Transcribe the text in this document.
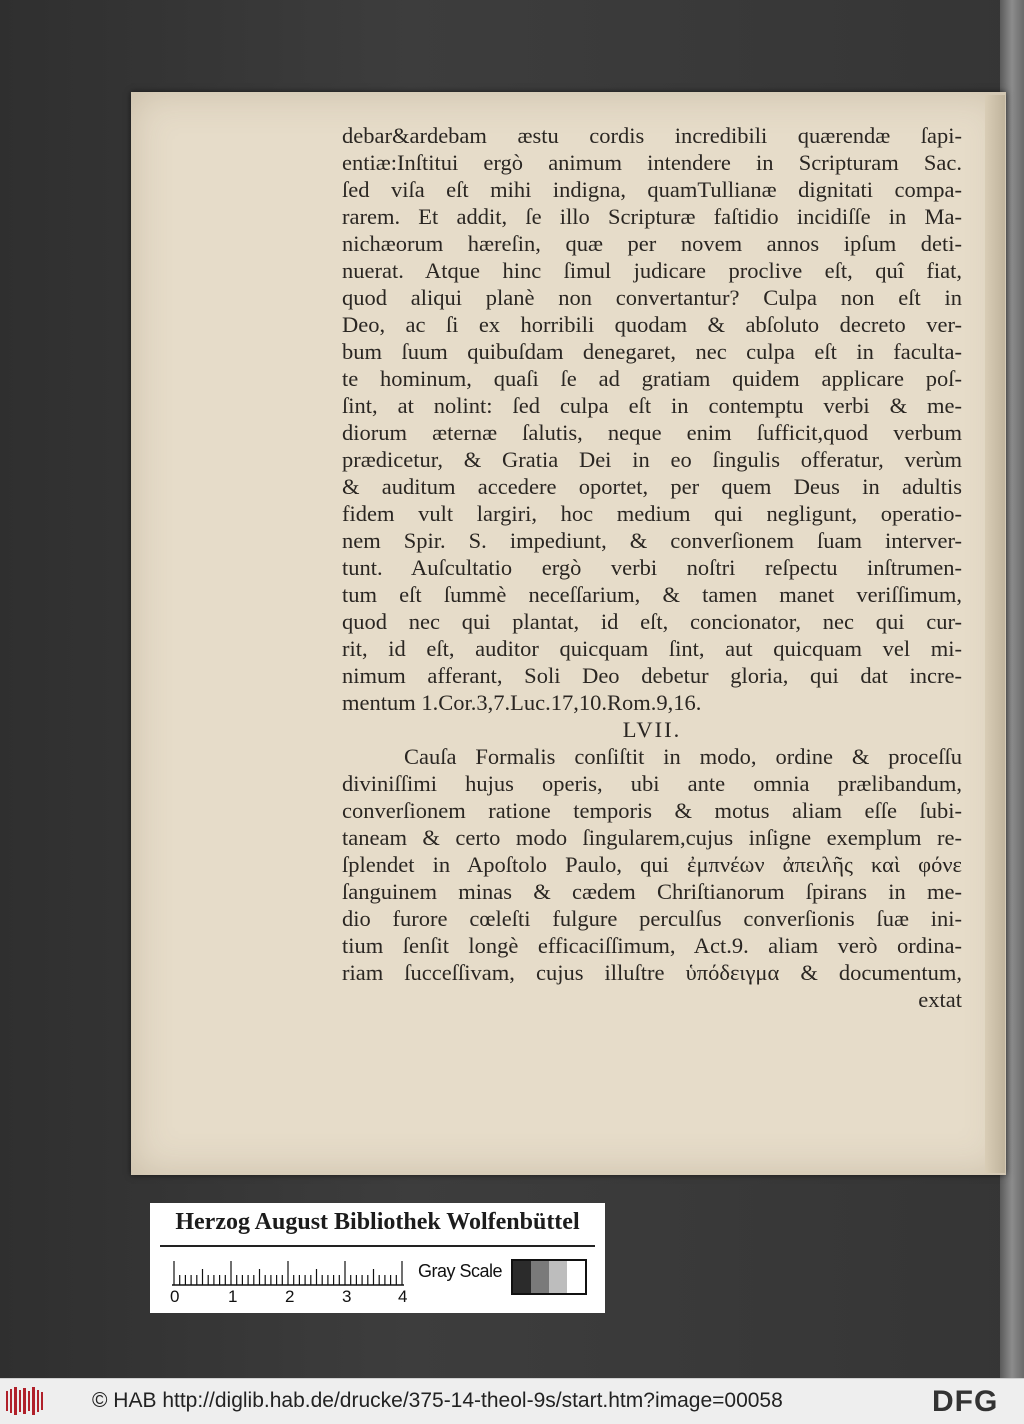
debar&ardebam æstu cordis incredibili quærendæ ſapi-
entiæ:Inſtitui ergò animum intendere in Scripturam Sac.
ſed viſa eſt mihi indigna, quamTullianæ dignitati compa-
rarem. Et addit, ſe illo Scripturæ faſtidio incidiſſe in Ma-
nichæorum hæreſin, quæ per novem annos ipſum deti-
nuerat. Atque hinc ſimul judicare proclive eſt, quî fiat,
quod aliqui planè non convertantur? Culpa non eſt in
Deo, ac ſi ex horribili quodam & abſoluto decreto ver-
bum ſuum quibuſdam denegaret, nec culpa eſt in faculta-
te hominum, quaſi ſe ad gratiam quidem applicare poſ-
ſint, at nolint: ſed culpa eſt in contemptu verbi & me-
diorum æternæ ſalutis, neque enim ſufficit,quod verbum
prædicetur, & Gratia Dei in eo ſingulis offeratur, verùm
& auditum accedere oportet, per quem Deus in adultis
fidem vult largiri, hoc medium qui negligunt, operatio-
nem Spir. S. impediunt, & converſionem ſuam interver-
tunt. Auſcultatio ergò verbi noſtri reſpectu inſtrumen-
tum eſt ſummè neceſſarium, & tamen manet veriſſimum,
quod nec qui plantat, id eſt, concionator, nec qui cur-
rit, id eſt, auditor quicquam ſint, aut quicquam vel mi-
nimum afferant, Soli Deo debetur gloria, qui dat incre-
mentum 1.Cor.3,7.Luc.17,10.Rom.9,16.
LVII.
Cauſa Formalis conſiſtit in modo, ordine & proceſſu
diviniſſimi hujus operis, ubi ante omnia prælibandum,
converſionem ratione temporis & motus aliam eſſe ſubi-
taneam & certo modo ſingularem,cujus inſigne exemplum re-
ſplendet in Apoſtolo Paulo, qui ἐμπνέων ἀπειλῆς καὶ φόνε
ſanguinem minas & cædem Chriſtianorum ſpirans in me-
dio furore cœleſti fulgure perculſus converſionis ſuæ ini-
tium ſenſit longè efficaciſſimum, Act.9. aliam verò ordina-
riam ſucceſſivam, cujus illuſtre ὑπόδειγμα & documentum,
extat
Herzog August Bibliothek Wolfenbüttel
0	1	2	3	4
Gray Scale
© HAB http://diglib.hab.de/drucke/375-14-theol-9s/start.htm?image=00058	DFG
